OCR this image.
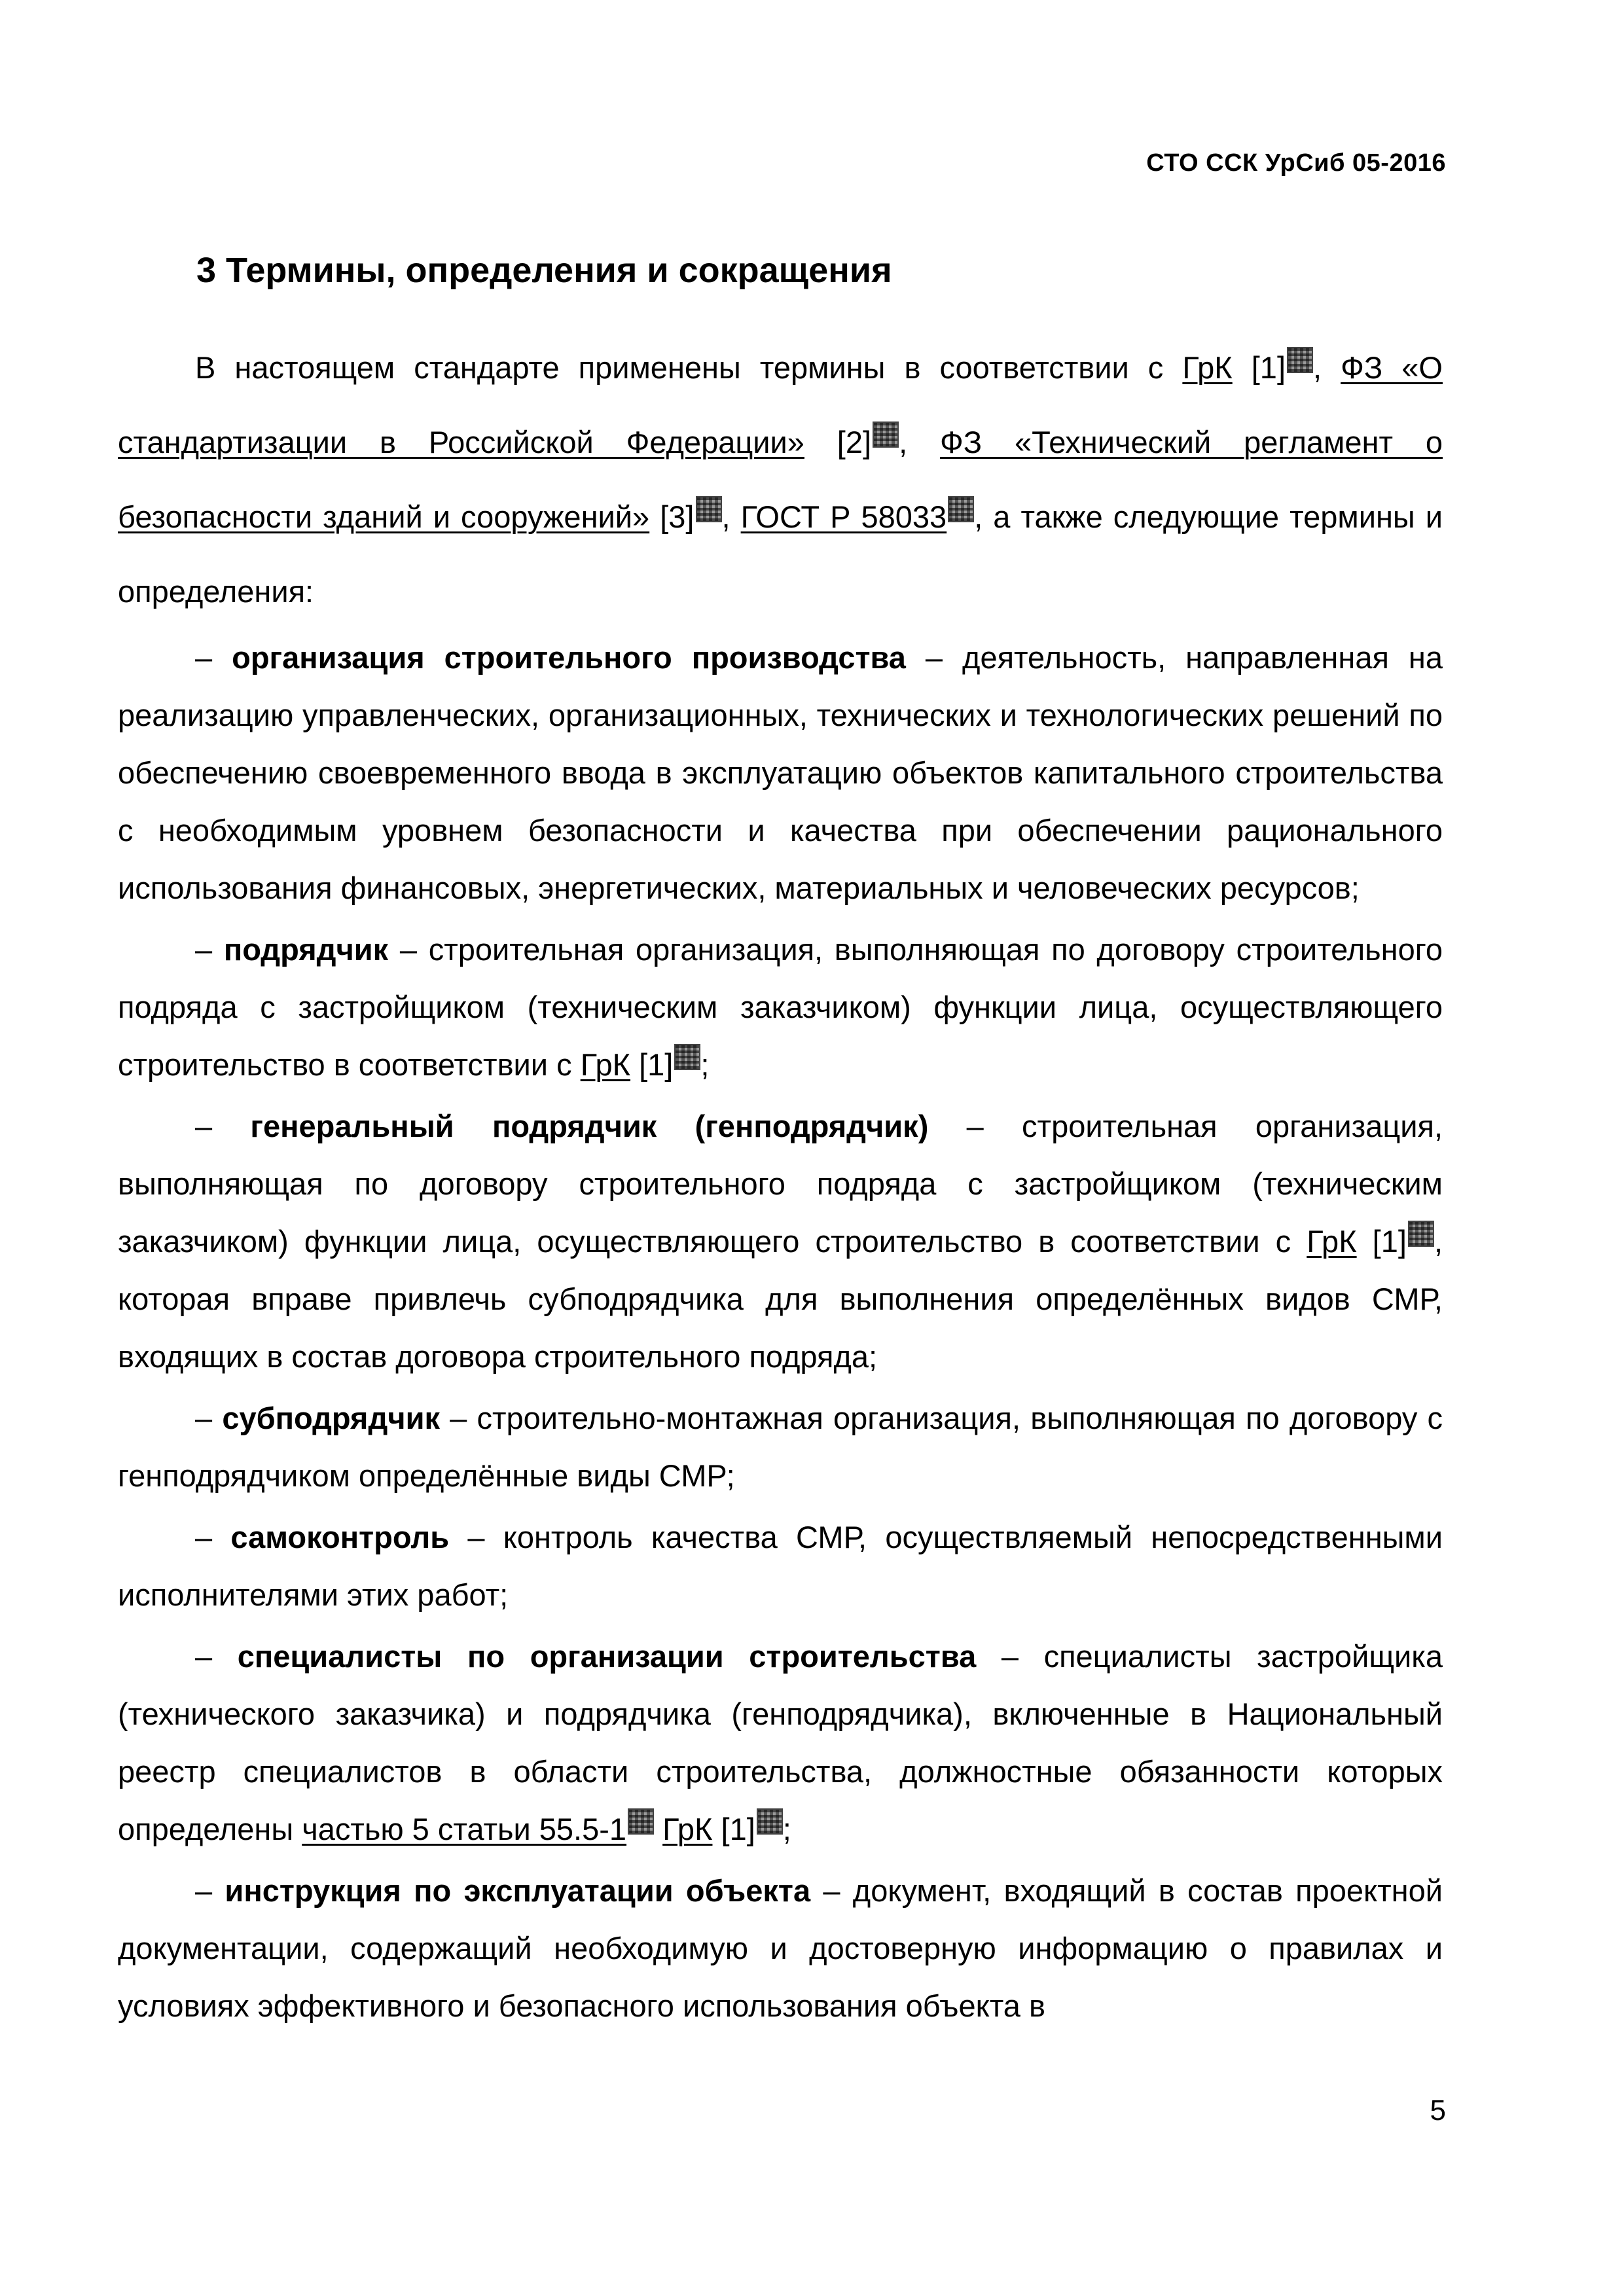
СТО ССК УрСиб 05-2016
3 Термины, определения и сокращения

В настоящем стандарте применены термины в соответствии с ГрК [1] , ФЗ «О стандартизации в Российской Федерации» [2] , ФЗ «Технический регламент о безопасности зданий и сооружений» [3] , ГОСТ Р 58033 , а также следующие термины и определения:

– организация строительного производства – деятельность, направленная на реализацию управленческих, организационных, технических и технологических решений по обеспечению своевременного ввода в эксплуатацию объектов капитального строительства с необходимым уровнем безопасности и качества при обеспечении рационального использования финансовых, энергетических, материальных и человеческих ресурсов;

– подрядчик – строительная организация, выполняющая по договору строительного подряда с застройщиком (техническим заказчиком) функции лица, осуществляющего строительство в соответствии с ГрК [1] ;

– генеральный подрядчик (генподрядчик) – строительная организация, выполняющая по договору строительного подряда с застройщиком (техническим заказчиком) функции лица, осуществляющего строительство в соответствии с ГрК [1] , которая вправе привлечь субподрядчика для выполнения определённых видов СМР, входящих в состав договора строительного подряда;

– субподрядчик – строительно-монтажная организация, выполняющая по договору с генподрядчиком определённые виды СМР;

– самоконтроль – контроль качества СМР, осуществляемый непосредственными исполнителями этих работ;

– специалисты по организации строительства – специалисты застройщика (технического заказчика) и подрядчика (генподрядчика), включенные в Национальный реестр специалистов в области строительства, должностные обязанности которых определены частью 5 статьи 55.5-1 ГрК [1] ;

– инструкция по эксплуатации объекта – документ, входящий в состав проектной документации, содержащий необходимую и достоверную информацию о правилах и условиях эффективного и безопасного использования объекта в

5
